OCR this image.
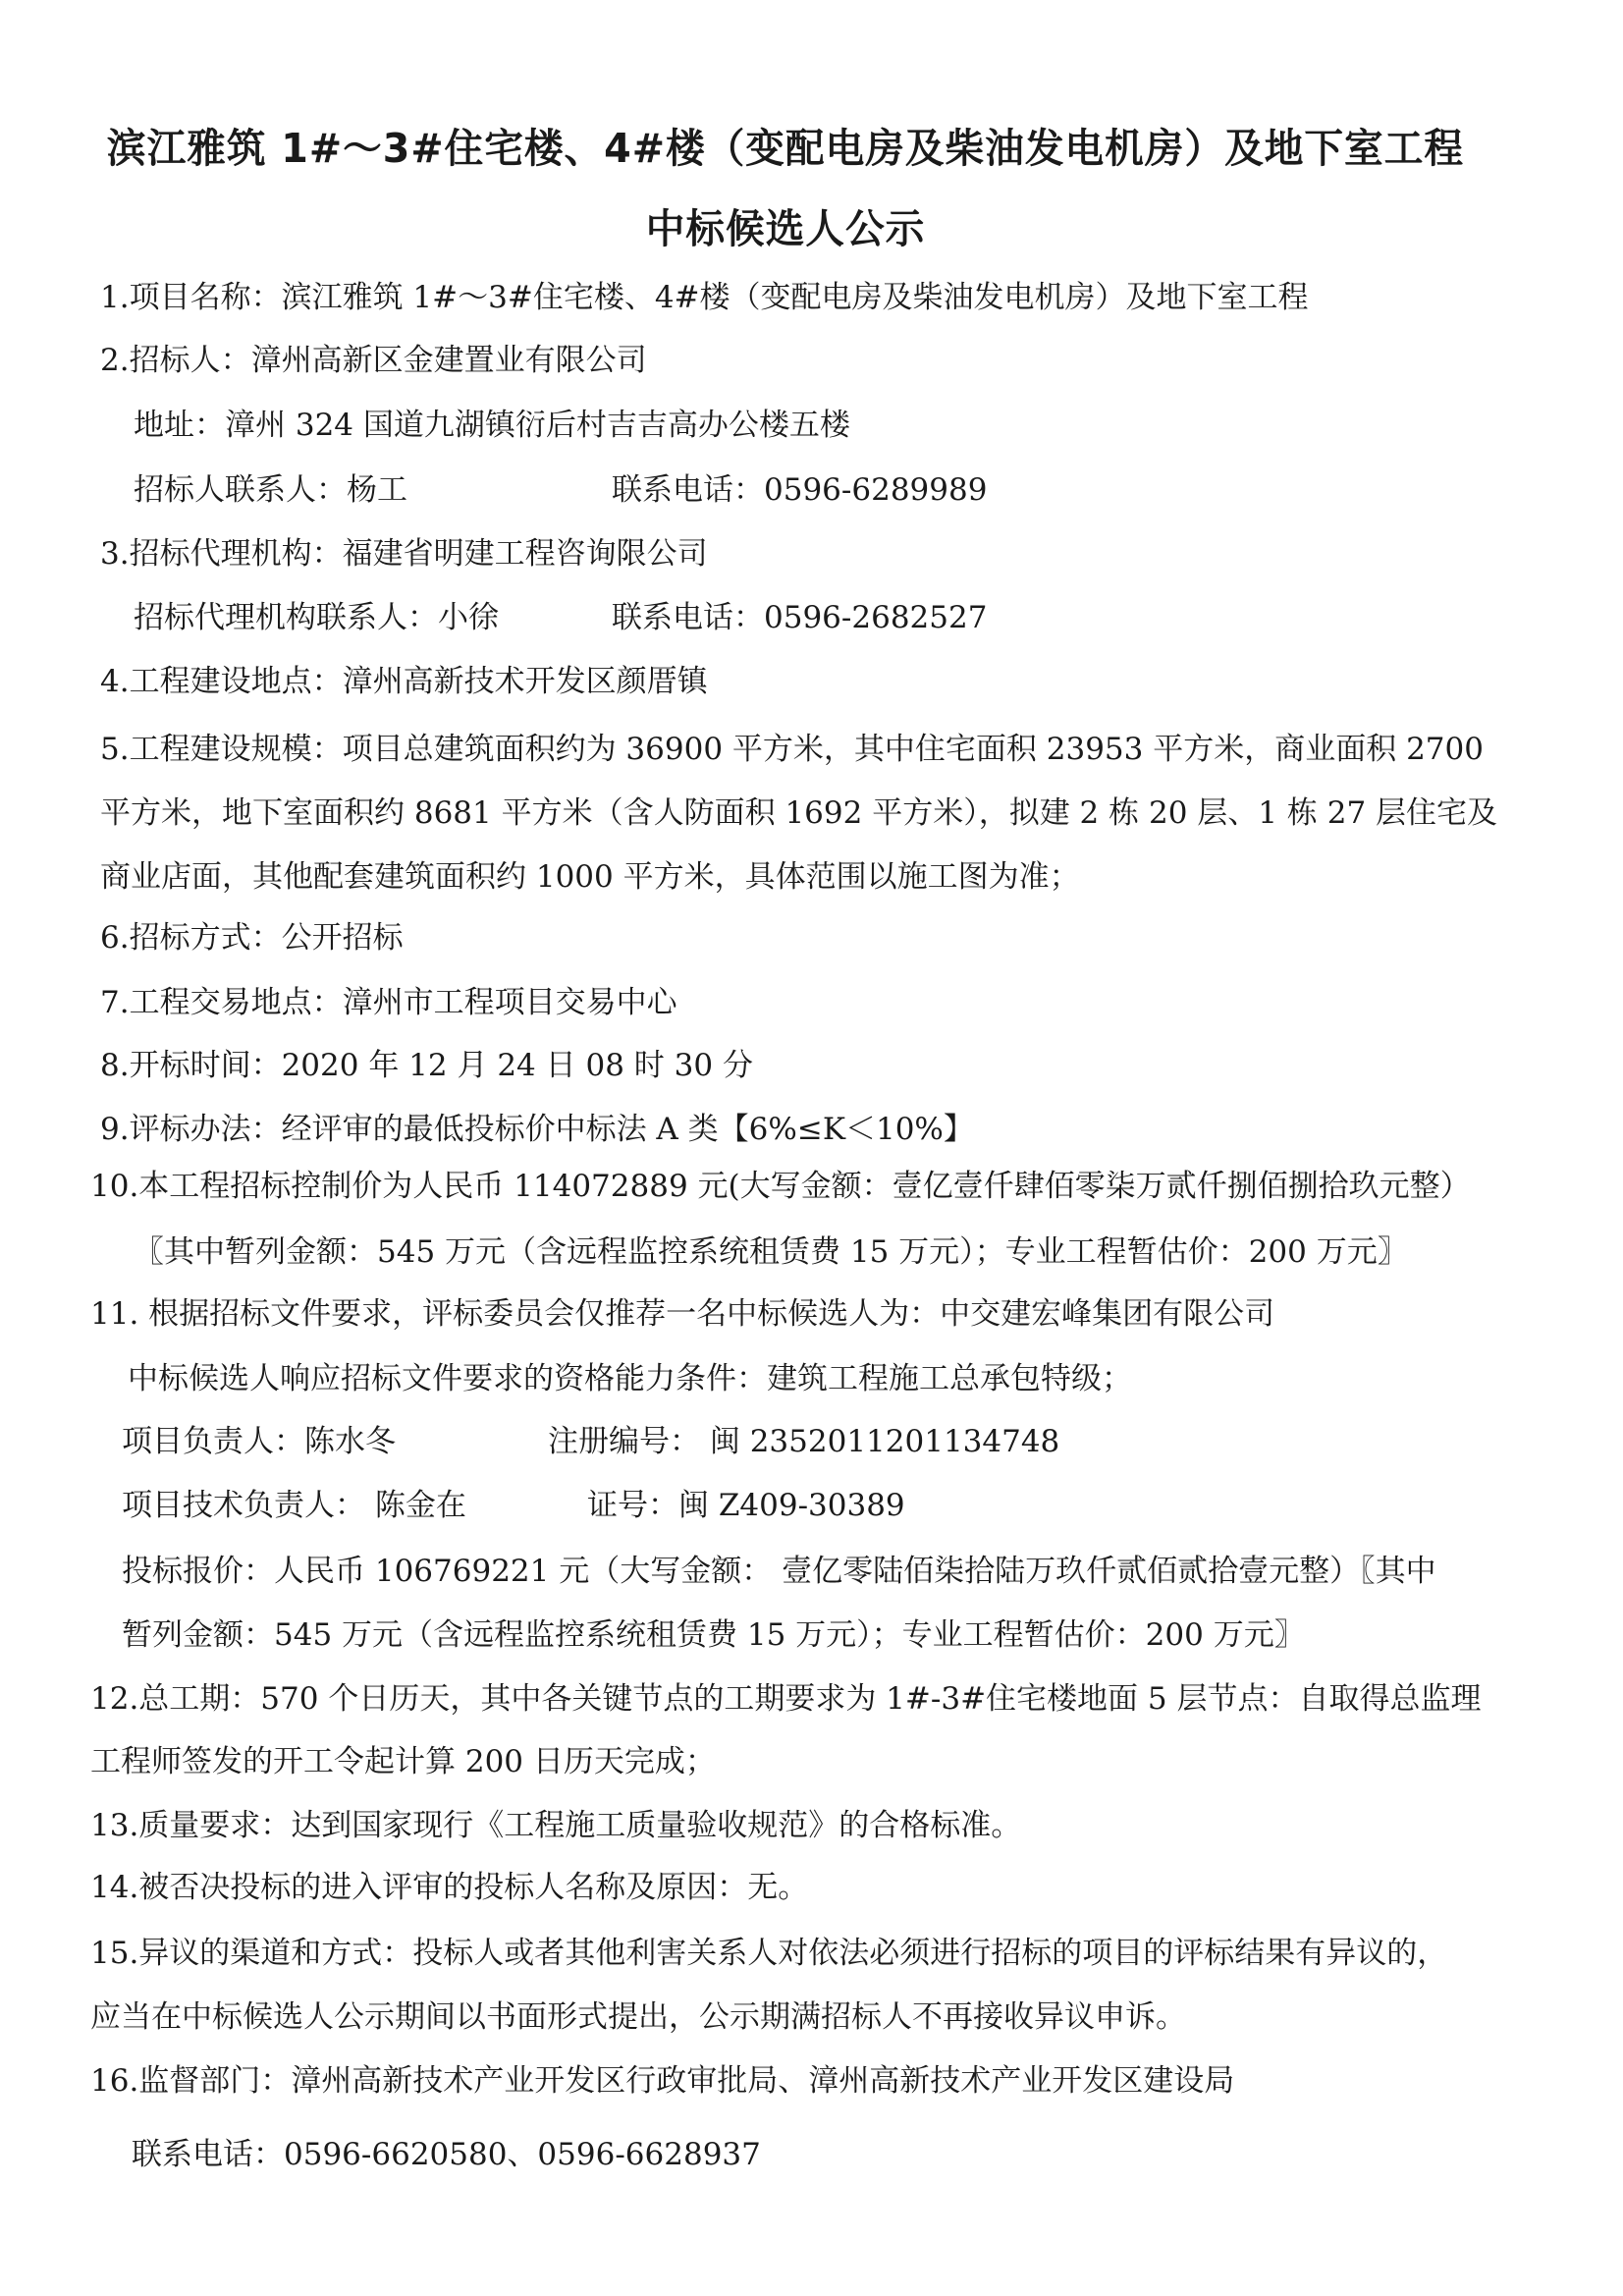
滨江雅筑 1#～3#住宅楼、4#楼（变配电房及柴油发电机房）及地下室工程
中标候选人公示
1.项目名称：滨江雅筑 1#～3#住宅楼、4#楼（变配电房及柴油发电机房）及地下室工程
2.招标人：漳州高新区金建置业有限公司
地址：漳州 324 国道九湖镇衍后村吉吉高办公楼五楼
招标人联系人：杨工	联系电话：0596-6289989
3.招标代理机构：福建省明建工程咨询限公司
招标代理机构联系人：小徐	联系电话：0596-2682527
4.工程建设地点：漳州高新技术开发区颜厝镇
5.工程建设规模：项目总建筑面积约为 36900 平方米，其中住宅面积 23953 平方米，商业面积 2700
平方米，地下室面积约 8681 平方米（含人防面积 1692 平方米），拟建 2 栋 20 层、1 栋 27 层住宅及
商业店面，其他配套建筑面积约 1000 平方米，具体范围以施工图为准；
6.招标方式：公开招标
7.工程交易地点：漳州市工程项目交易中心
8.开标时间：2020 年 12 月 24 日 08 时 30 分
9.评标办法：经评审的最低投标价中标法 A 类【6%≤K＜10%】
10.本工程招标控制价为人民币 114072889 元(大写金额：壹亿壹仟肆佰零柒万贰仟捌佰捌拾玖元整）
〖其中暂列金额：545 万元（含远程监控系统租赁费 15 万元）；专业工程暂估价：200 万元〗
11. 根据招标文件要求，评标委员会仅推荐一名中标候选人为：中交建宏峰集团有限公司
中标候选人响应招标文件要求的资格能力条件：建筑工程施工总承包特级；
项目负责人：陈水冬	注册编号： 闽 2352011201134748
项目技术负责人： 陈金在	证号：闽 Z409-30389
投标报价：人民币 106769221 元（大写金额： 壹亿零陆佰柒拾陆万玖仟贰佰贰拾壹元整）〖其中
暂列金额：545 万元（含远程监控系统租赁费 15 万元）；专业工程暂估价：200 万元〗
12.总工期：570 个日历天，其中各关键节点的工期要求为 1#-3#住宅楼地面 5 层节点：自取得总监理
工程师签发的开工令起计算 200 日历天完成；
13.质量要求：达到国家现行《工程施工质量验收规范》的合格标准。
14.被否决投标的进入评审的投标人名称及原因：无。
15.异议的渠道和方式：投标人或者其他利害关系人对依法必须进行招标的项目的评标结果有异议的，
应当在中标候选人公示期间以书面形式提出，公示期满招标人不再接收异议申诉。
16.监督部门：漳州高新技术产业开发区行政审批局、漳州高新技术产业开发区建设局
联系电话：0596-6620580、0596-6628937
